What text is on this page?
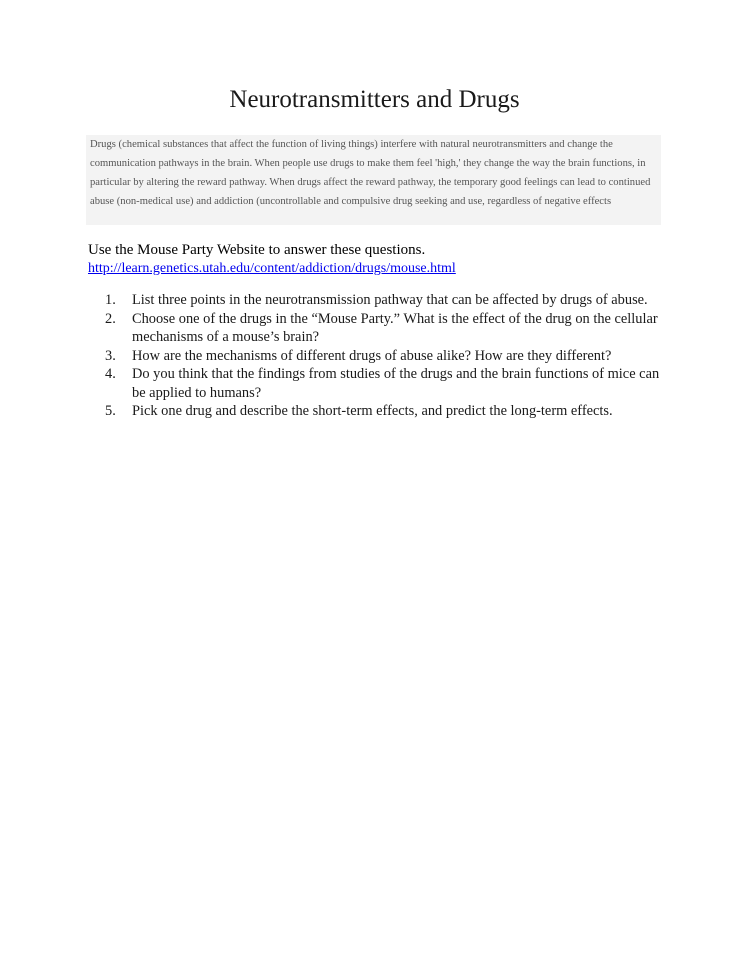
Neurotransmitters and Drugs

Drugs (chemical substances that affect the function of living things) interfere with natural neurotransmitters and change the communication pathways in the brain. When people use drugs to make them feel 'high,' they change the way the brain functions, in particular by altering the reward pathway. When drugs affect the reward pathway, the temporary good feelings can lead to continued abuse (non-medical use) and addiction (uncontrollable and compulsive drug seeking and use, regardless of negative effects

Use the Mouse Party Website to answer these questions.
http://learn.genetics.utah.edu/content/addiction/drugs/mouse.html
1. List three points in the neurotransmission pathway that can be affected by drugs of abuse.
2. Choose one of the drugs in the “Mouse Party.” What is the effect of the drug on the cellular mechanisms of a mouse’s brain?
3. How are the mechanisms of different drugs of abuse alike? How are they different?
4. Do you think that the findings from studies of the drugs and the brain functions of mice can be applied to humans?
5. Pick one drug and describe the short-term effects, and predict the long-term effects.
